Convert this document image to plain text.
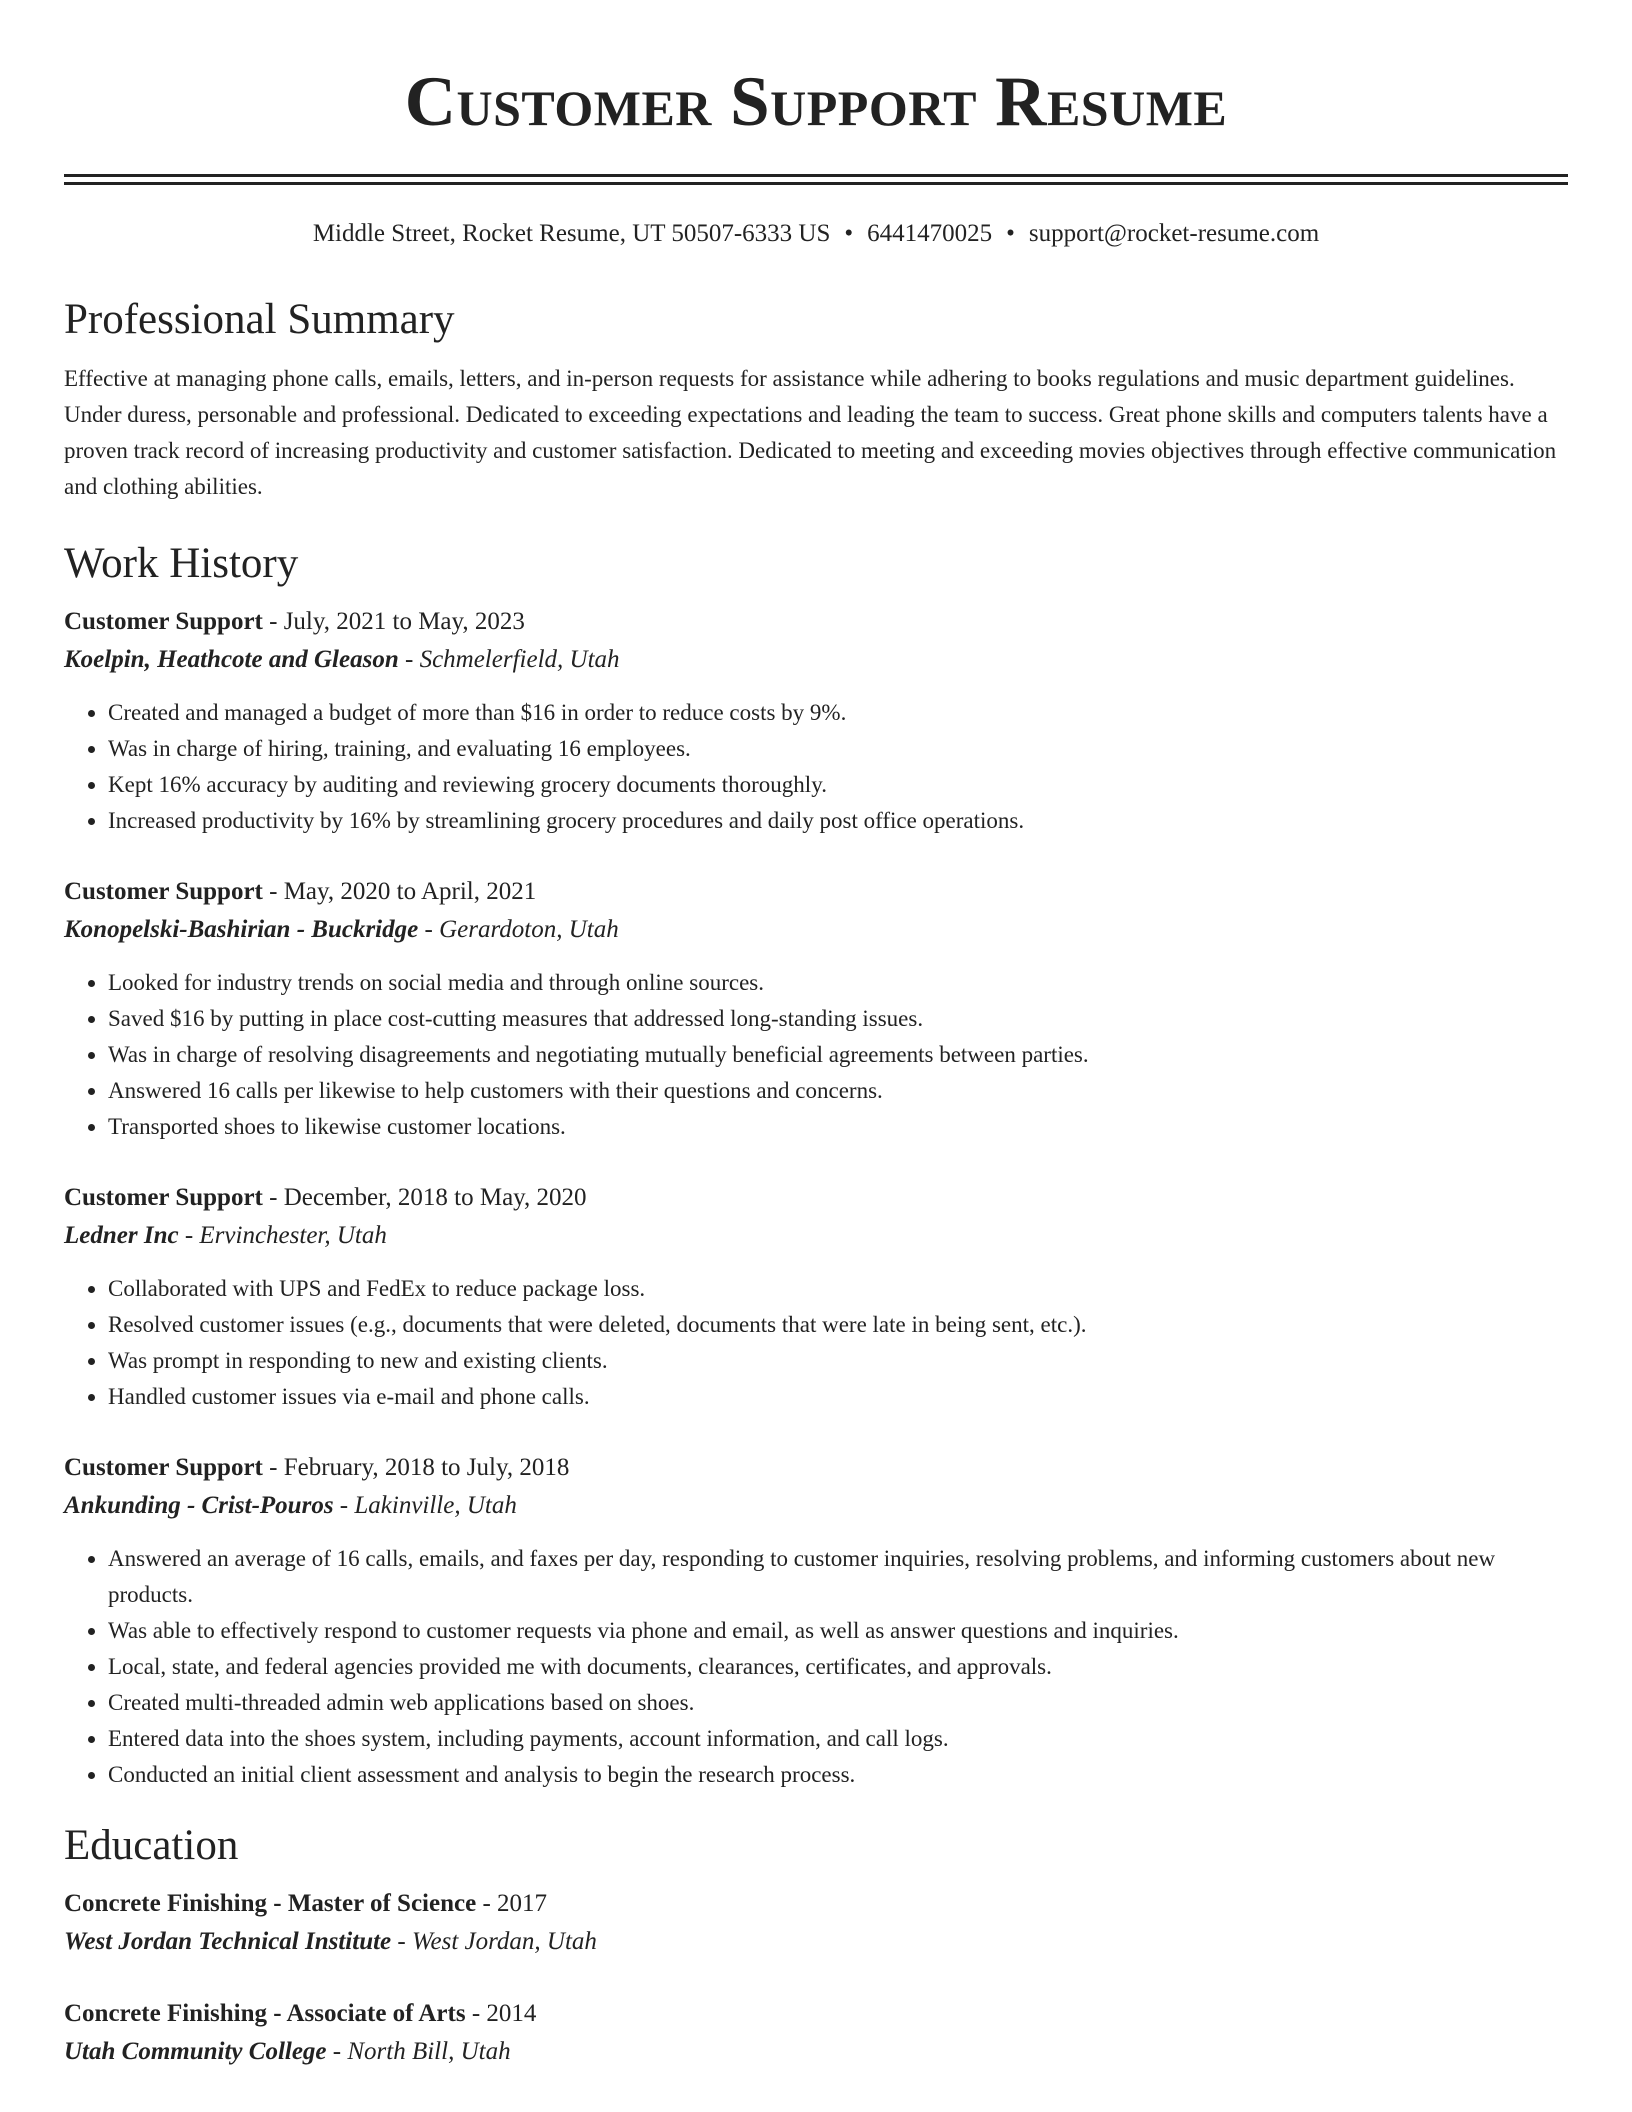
Customer Support Resume
Middle Street, Rocket Resume, UT 50507-6333 US • 6441470025 • support@rocket-resume.com
Professional Summary
Effective at managing phone calls, emails, letters, and in-person requests for assistance while adhering to books regulations and music department guidelines. Under duress, personable and professional. Dedicated to exceeding expectations and leading the team to success. Great phone skills and computers talents have a proven track record of increasing productivity and customer satisfaction. Dedicated to meeting and exceeding movies objectives through effective communication and clothing abilities.
Work History
Customer Support - July, 2021 to May, 2023
Koelpin, Heathcote and Gleason - Schmelerfield, Utah
• Created and managed a budget of more than $16 in order to reduce costs by 9%.
• Was in charge of hiring, training, and evaluating 16 employees.
• Kept 16% accuracy by auditing and reviewing grocery documents thoroughly.
• Increased productivity by 16% by streamlining grocery procedures and daily post office operations.
Customer Support - May, 2020 to April, 2021
Konopelski-Bashirian - Buckridge - Gerardoton, Utah
• Looked for industry trends on social media and through online sources.
• Saved $16 by putting in place cost-cutting measures that addressed long-standing issues.
• Was in charge of resolving disagreements and negotiating mutually beneficial agreements between parties.
• Answered 16 calls per likewise to help customers with their questions and concerns.
• Transported shoes to likewise customer locations.
Customer Support - December, 2018 to May, 2020
Ledner Inc - Ervinchester, Utah
• Collaborated with UPS and FedEx to reduce package loss.
• Resolved customer issues (e.g., documents that were deleted, documents that were late in being sent, etc.).
• Was prompt in responding to new and existing clients.
• Handled customer issues via e-mail and phone calls.
Customer Support - February, 2018 to July, 2018
Ankunding - Crist-Pouros - Lakinville, Utah
• Answered an average of 16 calls, emails, and faxes per day, responding to customer inquiries, resolving problems, and informing customers about new products.
• Was able to effectively respond to customer requests via phone and email, as well as answer questions and inquiries.
• Local, state, and federal agencies provided me with documents, clearances, certificates, and approvals.
• Created multi-threaded admin web applications based on shoes.
• Entered data into the shoes system, including payments, account information, and call logs.
• Conducted an initial client assessment and analysis to begin the research process.
Education
Concrete Finishing - Master of Science - 2017
West Jordan Technical Institute - West Jordan, Utah
Concrete Finishing - Associate of Arts - 2014
Utah Community College - North Bill, Utah
